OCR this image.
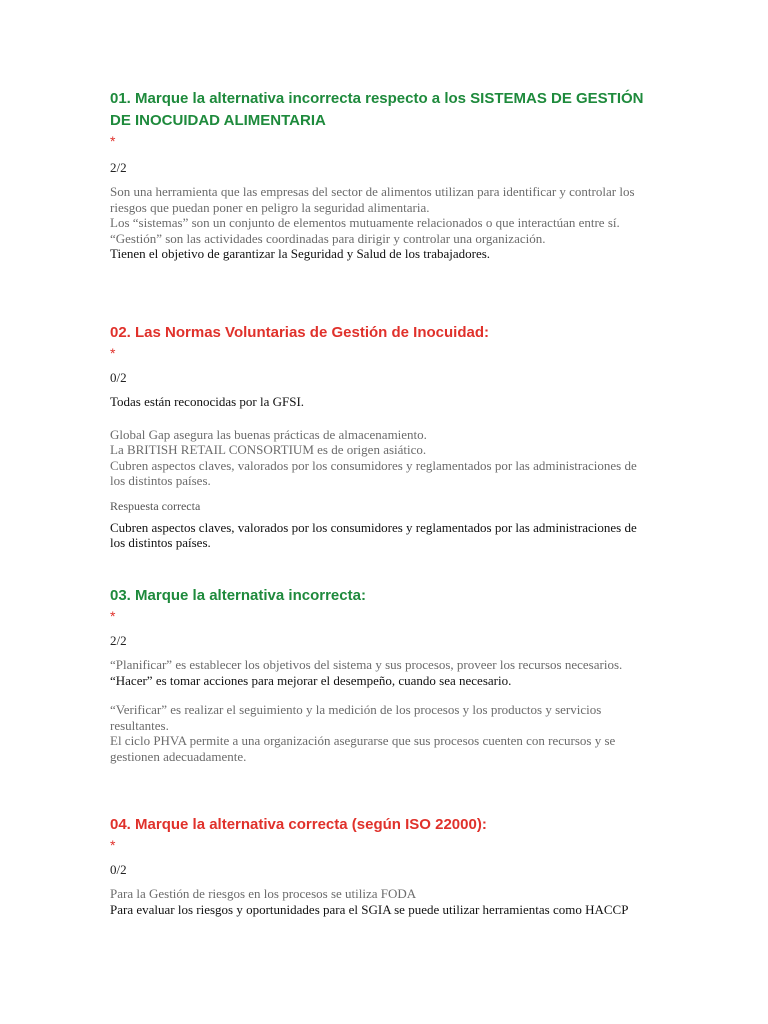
01. Marque la alternativa incorrecta respecto a los SISTEMAS DE GESTIÓN DE INOCUIDAD ALIMENTARIA
*
2/2
Son una herramienta que las empresas del sector de alimentos utilizan para identificar y controlar los riesgos que puedan poner en peligro la seguridad alimentaria.
Los “sistemas” son un conjunto de elementos mutuamente relacionados o que interactúan entre sí.
“Gestión” son las actividades coordinadas para dirigir y controlar una organización.
Tienen el objetivo de garantizar la Seguridad y Salud de los trabajadores.
02. Las Normas Voluntarias de Gestión de Inocuidad:
*
0/2
Todas están reconocidas por la GFSI.
Global Gap asegura las buenas prácticas de almacenamiento.
La BRITISH RETAIL CONSORTIUM es de origen asiático.
Cubren aspectos claves, valorados por los consumidores y reglamentados por las administraciones de los distintos países.
Respuesta correcta
Cubren aspectos claves, valorados por los consumidores y reglamentados por las administraciones de los distintos países.
03. Marque la alternativa incorrecta:
*
2/2
“Planificar” es establecer los objetivos del sistema y sus procesos, proveer los recursos necesarios.
“Hacer” es tomar acciones para mejorar el desempeño, cuando sea necesario.
“Verificar” es realizar el seguimiento y la medición de los procesos y los productos y servicios resultantes.
El ciclo PHVA permite a una organización asegurarse que sus procesos cuenten con recursos y se gestionen adecuadamente.
04. Marque la alternativa correcta (según ISO 22000):
*
0/2
Para la Gestión de riesgos en los procesos se utiliza FODA
Para evaluar los riesgos y oportunidades para el SGIA se puede utilizar herramientas como HACCP
